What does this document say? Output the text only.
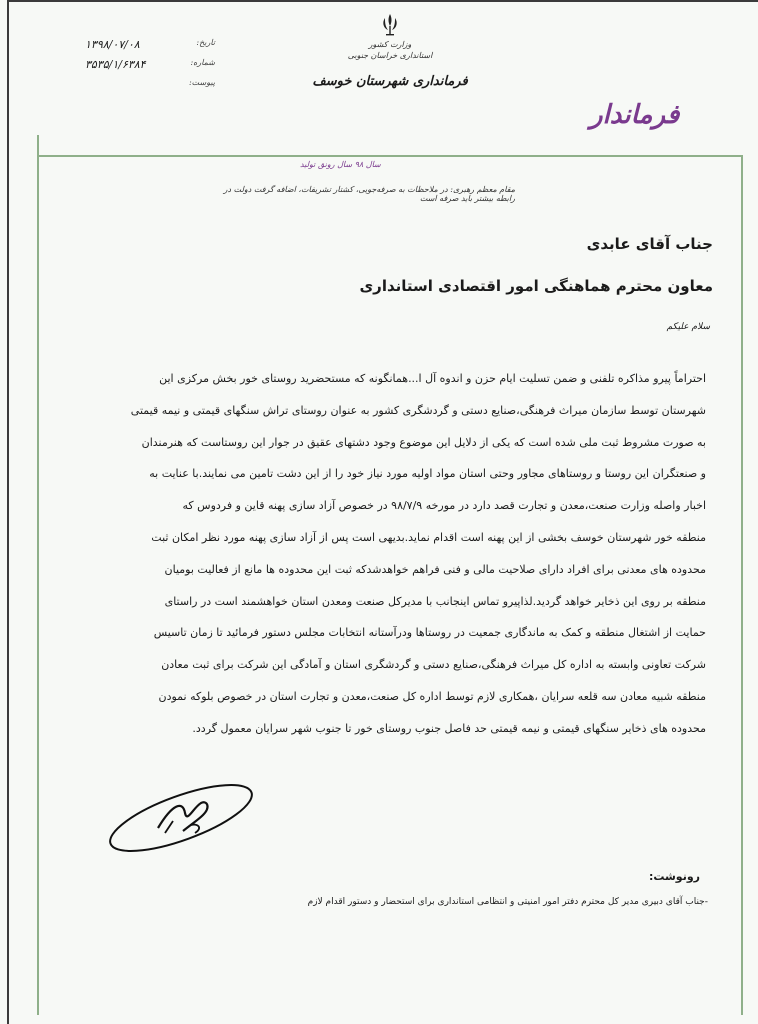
وزارت کشور
استانداری خراسان جنوبی
فرمانداری شهرستان خوسف
تاریخ:
۱۳۹۸/۰۷/۰۸
شماره:
۳۵۳۵/۱/۶۳۸۴
پیوست:
فرماندار
سال ۹۸ سال رونق تولید
مقام معظم رهبری: در ملاحظات به صرفه‌جویی، کشتار تشریفات، اضافه گرفت دولت در رابطه بیشتر باید صرفه است
جناب آقای عابدی
معاون محترم هماهنگی امور اقتصادی استانداری
سلام علیکم
احتراماً پیرو مذاکره تلفنی و ضمن تسلیت ایام حزن و اندوه آل ا...همانگونه که مستحضرید روستای خور بخش مرکزی این
شهرستان توسط سازمان میراث فرهنگی،صنایع دستی و گردشگری کشور به عنوان روستای تراش سنگهای قیمتی و نیمه قیمتی
به صورت مشروط ثبت ملی شده است که یکی از دلایل این موضوع وجود دشتهای عقیق در جوار این روستاست که هنرمندان
و صنعتگران این روستا و روستاهای مجاور وحتی استان مواد اولیه مورد نیاز خود را از این دشت تامین می نمایند.با عنایت به
اخبار واصله وزارت صنعت،معدن و تجارت قصد دارد در مورخه ۹۸/۷/۹ در خصوص آزاد سازی پهنه قاین و فردوس که
منطقه خور شهرستان خوسف بخشی از این پهنه است اقدام نماید.بدیهی است پس از آزاد سازی پهنه مورد نظر امکان ثبت
محدوده های معدنی برای افراد دارای صلاحیت مالی و فنی فراهم خواهدشدکه ثبت این محدوده ها مانع از فعالیت بومیان
منطقه بر روی این ذخایر خواهد گردید.لذاپیرو تماس اینجانب با مدیرکل صنعت ومعدن استان خواهشمند است در راستای
حمایت از اشتغال منطقه و کمک به ماندگاری جمعیت در روستاها ودرآستانه انتخابات مجلس دستور فرمائید تا زمان تاسیس
شرکت تعاونی وابسته به اداره کل میراث فرهنگی،صنایع دستی و گردشگری استان و آمادگی این شرکت برای ثبت معادن
منطقه شبیه معادن سه قلعه سرایان ،همکاری لازم توسط اداره کل صنعت،معدن و تجارت استان در خصوص بلوکه نمودن
محدوده های ذخایر سنگهای قیمتی و نیمه قیمتی حد فاصل جنوب روستای خور تا جنوب شهر سرایان معمول گردد.
رونوشت:
-جناب آقای دبیری مدیر کل محترم دفتر امور امنیتی و انتظامی استانداری برای استحضار و دستور اقدام لازم
